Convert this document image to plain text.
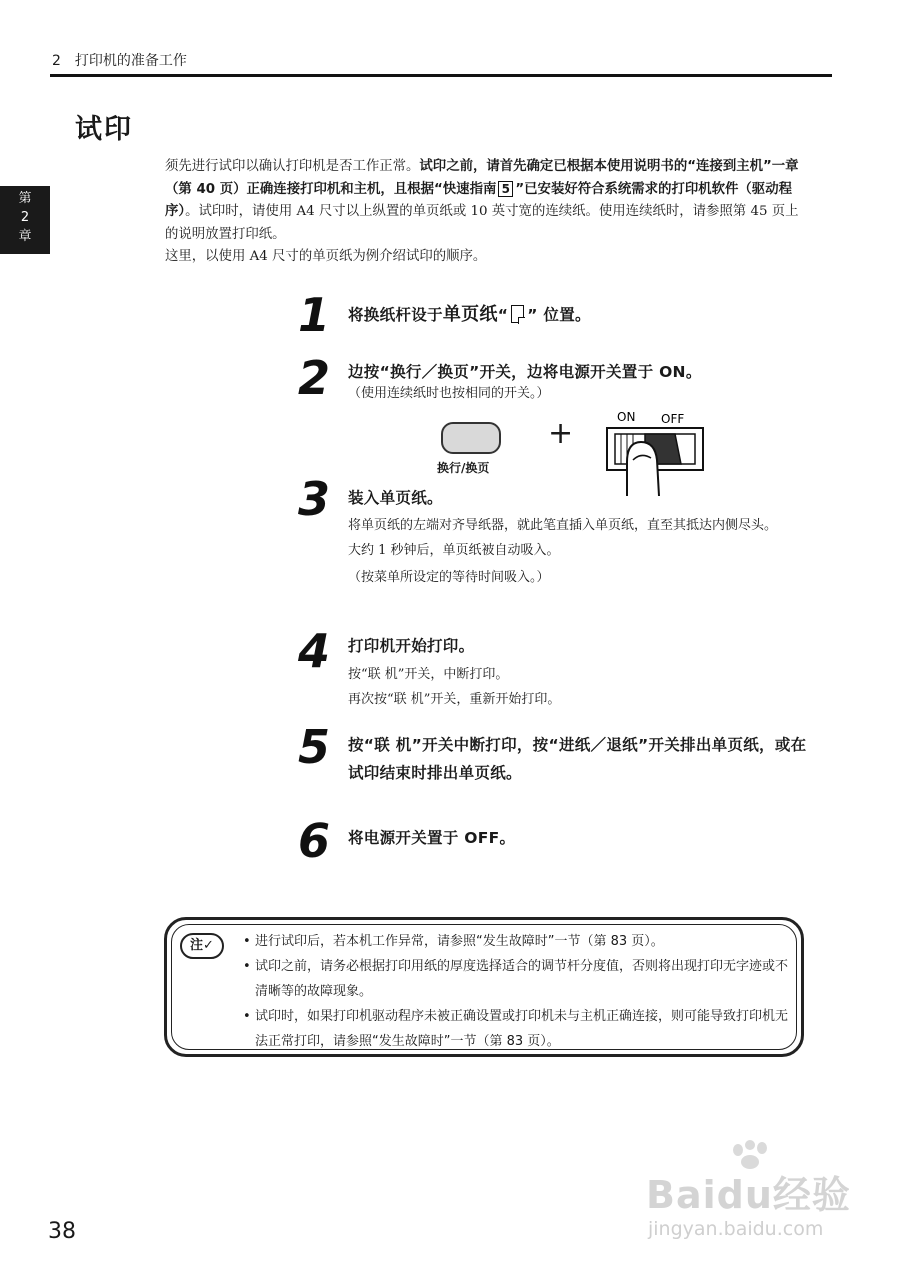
2　打印机的准备工作
试印
第
2
章

须先进行试印以确认打印机是否工作正常。试印之前，请首先确定已根据本使用说明书的“连接到主机”一章（第 40 页）正确连接打印机和主机，且根据“快速指南 5 ”已安装好符合系统需求的打印机软件（驱动程序）。试印时，请使用 A4 尺寸以上纵置的单页纸或 10 英寸宽的连续纸。使用连续纸时，请参照第 45 页上的说明放置打印纸。

这里，以使用 A4 尺寸的单页纸为例介绍试印的顺序。

1 将换纸杆设于单页纸“ ” 位置。
2 边按“换行／换页”开关，边将电源开关置于 ON。

（使用连续纸时也按相同的开关。）

换行/换页
+	ON OFF
3 装入单页纸。

将单页纸的左端对齐导纸器，就此笔直插入单页纸，直至其抵达内侧尽头。

大约 1 秒钟后，单页纸被自动吸入。

（按菜单所设定的等待时间吸入。）

4 打印机开始打印。

按“联 机”开关，中断打印。

再次按“联 机”开关，重新开始打印。

5 按“联 机”开关中断打印，按“进纸／退纸”开关排出单页纸，或在试印结束时排出单页纸。
6 将电源开关置于 OFF。
注✓
•	进行试印后，若本机工作异常，请参照“发生故障时”一节（第 83 页）。
• 试印之前，请务必根据打印用纸的厚度选择适合的调节杆分度值，否则将出现打印无字迹或不清晰等的故障现象。
• 试印时，如果打印机驱动程序未被正确设置或打印机未与主机正确连接，则可能导致打印机无法正常打印，请参照“发生故障时”一节（第 83 页）。
38
Baidu经验
jingyan.baidu.com
